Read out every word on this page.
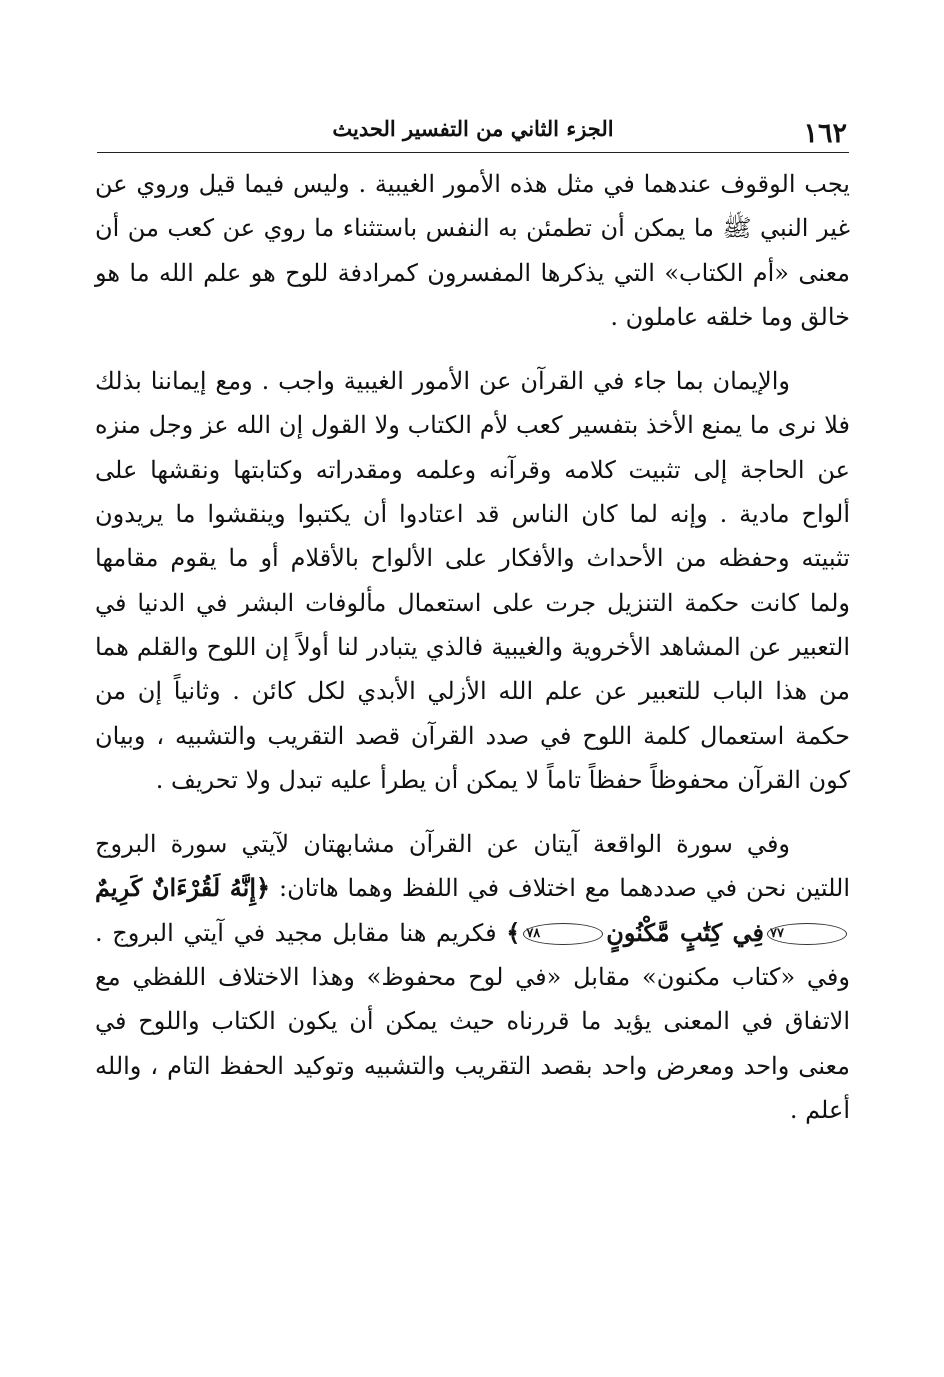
١٦٢
الجزء الثاني من التفسير الحديث

يجب الوقوف عندهما في مثل هذه الأمور الغيبية . وليس فيما قيل وروي عن غير النبي ﷺ ما يمكن أن تطمئن به النفس باستثناء ما روي عن كعب من أن معنى «أم الكتاب» التي يذكرها المفسرون كمرادفة للوح هو علم الله ما هو خالق وما خلقه عاملون .

والإيمان بما جاء في القرآن عن الأمور الغيبية واجب . ومع إيماننا بذلك فلا نرى ما يمنع الأخذ بتفسير كعب لأم الكتاب ولا القول إن الله عز وجل منزه عن الحاجة إلى تثبيت كلامه وقرآنه وعلمه ومقدراته وكتابتها ونقشها على ألواح مادية . وإنه لما كان الناس قد اعتادوا أن يكتبوا وينقشوا ما يريدون تثبيته وحفظه من الأحداث والأفكار على الألواح بالأقلام أو ما يقوم مقامها ولما كانت حكمة التنزيل جرت على استعمال مألوفات البشر في الدنيا في التعبير عن المشاهد الأخروية والغيبية فالذي يتبادر لنا أولاً إن اللوح والقلم هما من هذا الباب للتعبير عن علم الله الأزلي الأبدي لكل كائن . وثانياً إن من حكمة استعمال كلمة اللوح في صدد القرآن قصد التقريب والتشبيه ، وبيان كون القرآن محفوظاً حفظاً تاماً لا يمكن أن يطرأ عليه تبدل ولا تحريف .

وفي سورة الواقعة آيتان عن القرآن مشابهتان لآيتي سورة البروج اللتين نحن في صددهما مع اختلاف في اللفظ وهما هاتان: ﴿إِنَّهُ لَقُرْءَانٌ كَرِيمٌ٧٧فِي كِتَٰبٍ مَّكْنُونٍ٧٨﴾ فكريم هنا مقابل مجيد في آيتي البروج . وفي «كتاب مكنون» مقابل «في لوح محفوظ» وهذا الاختلاف اللفظي مع الاتفاق في المعنى يؤيد ما قررناه حيث يمكن أن يكون الكتاب واللوح في معنى واحد ومعرض واحد بقصد التقريب والتشبيه وتوكيد الحفظ التام ، والله أعلم .
